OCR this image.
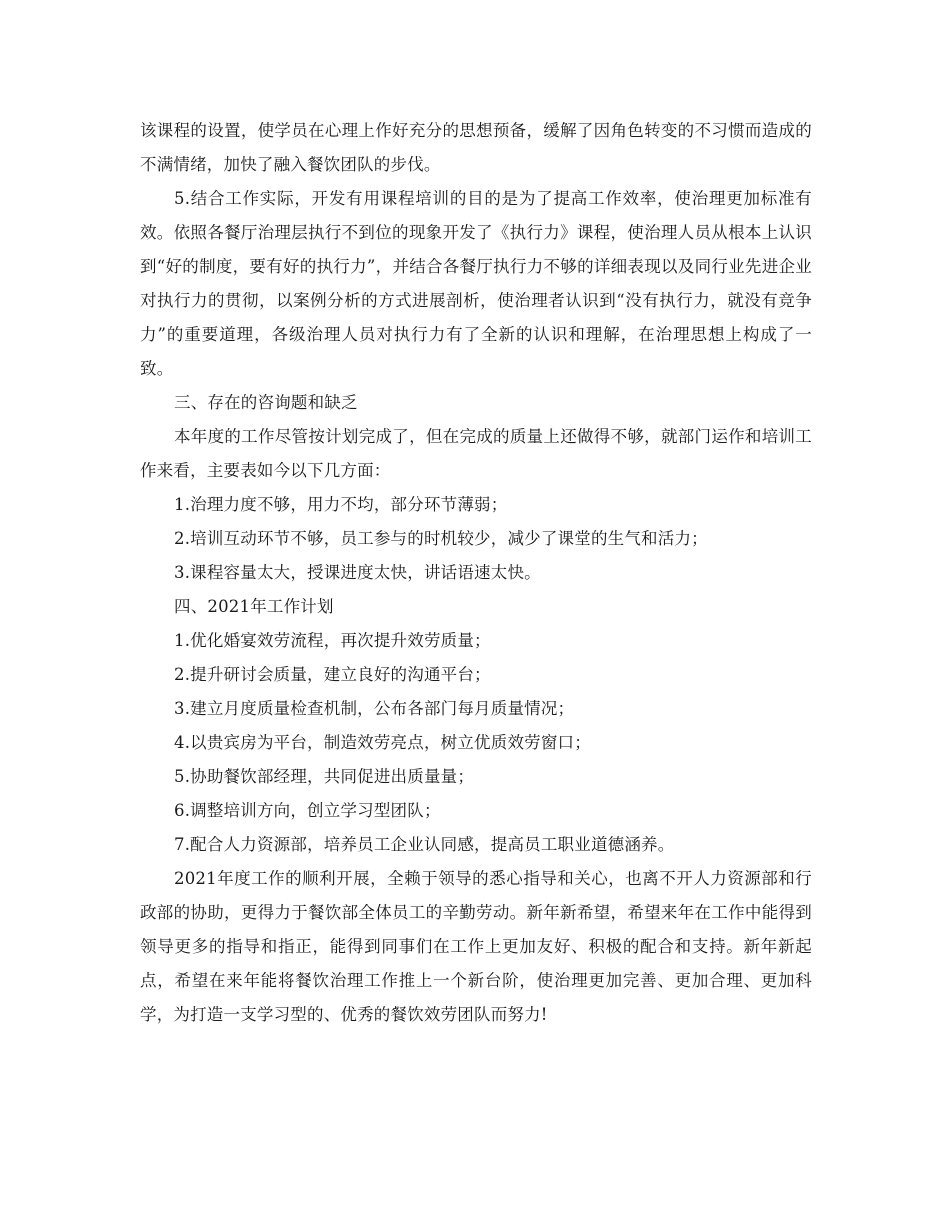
该课程的设置，使学员在心理上作好充分的思想预备，缓解了因角色转变的不习惯而造成的不满情绪，加快了融入餐饮团队的步伐。

5.结合工作实际，开发有用课程培训的目的是为了提高工作效率，使治理更加标准有效。依照各餐厅治理层执行不到位的现象开发了《执行力》课程，使治理人员从根本上认识到“好的制度，要有好的执行力”，并结合各餐厅执行力不够的详细表现以及同行业先进企业对执行力的贯彻，以案例分析的方式进展剖析，使治理者认识到“没有执行力，就没有竞争力”的重要道理，各级治理人员对执行力有了全新的认识和理解，在治理思想上构成了一致。

三、存在的咨询题和缺乏

本年度的工作尽管按计划完成了，但在完成的质量上还做得不够，就部门运作和培训工作来看，主要表如今以下几方面：

1.治理力度不够，用力不均，部分环节薄弱；

2.培训互动环节不够，员工参与的时机较少，减少了课堂的生气和活力；

3.课程容量太大，授课进度太快，讲话语速太快。

四、2021年工作计划

1.优化婚宴效劳流程，再次提升效劳质量；

2.提升研讨会质量，建立良好的沟通平台；

3.建立月度质量检查机制，公布各部门每月质量情况；

4.以贵宾房为平台，制造效劳亮点，树立优质效劳窗口；

5.协助餐饮部经理，共同促进出质量量；

6.调整培训方向，创立学习型团队；

7.配合人力资源部，培养员工企业认同感，提高员工职业道德涵养。

2021年度工作的顺利开展，全赖于领导的悉心指导和关心，也离不开人力资源部和行政部的协助，更得力于餐饮部全体员工的辛勤劳动。新年新希望，希望来年在工作中能得到领导更多的指导和指正，能得到同事们在工作上更加友好、积极的配合和支持。新年新起点，希望在来年能将餐饮治理工作推上一个新台阶，使治理更加完善、更加合理、更加科学，为打造一支学习型的、优秀的餐饮效劳团队而努力!
